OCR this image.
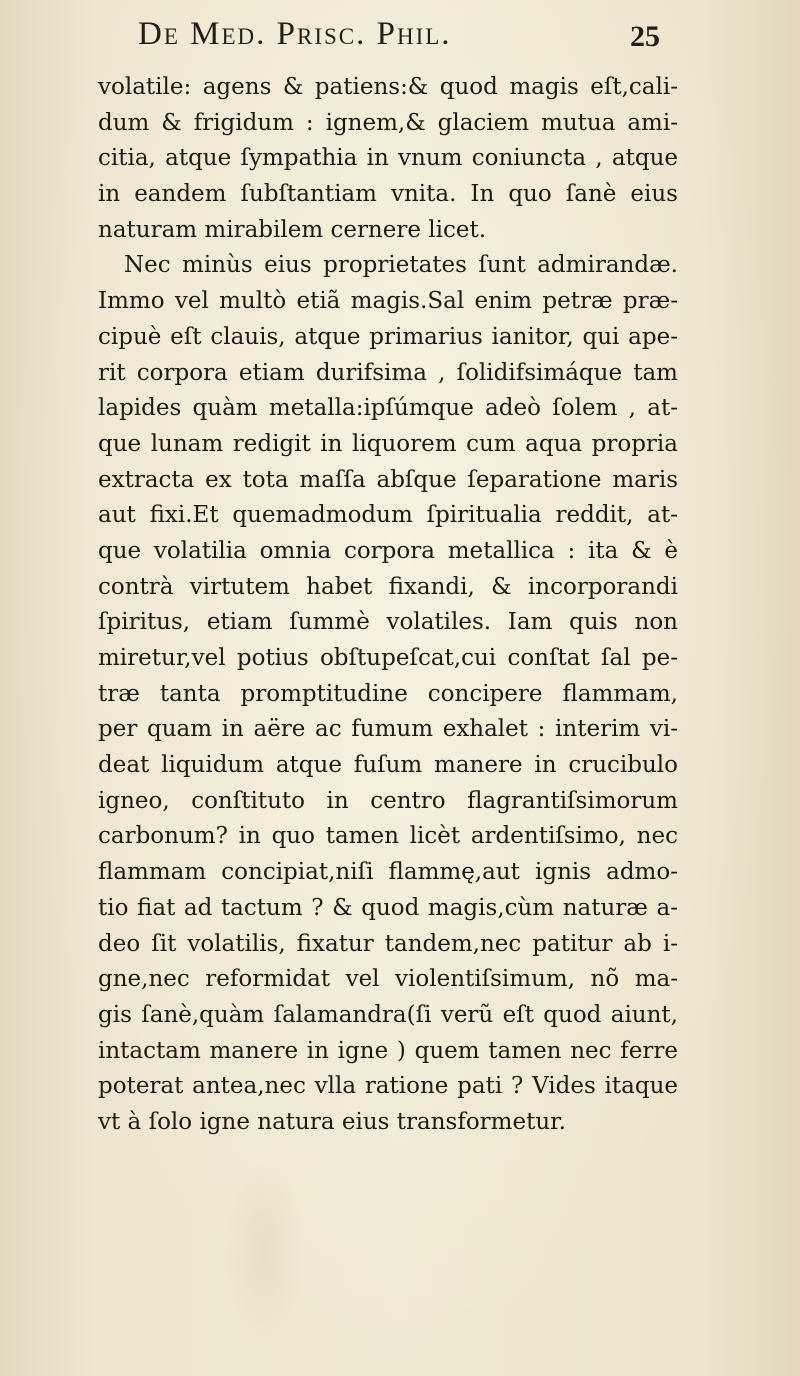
De Med. Prisc. Phil.	25
volatile: agens & patiens:& quod magis eſt,cali-
dum & frigidum : ignem,& glaciem mutua ami-
citia, atque ſympathia in vnum coniuncta , atque
in eandem ſubſtantiam vnita. In quo ſanè eius
naturam mirabilem cernere licet.
Nec minùs eius proprietates ſunt admirandæ.
Immo vel multò etiã magis.Sal enim petræ præ-
cipuè eſt clauis, atque primarius ianitor, qui ape-
rit corpora etiam durifsima , ſolidifsimáque tam
lapides quàm metalla:ipſúmque adeò ſolem , at-
que lunam redigit in liquorem cum aqua propria
extracta ex tota maſſa abſque ſeparatione maris
aut fixi.Et quemadmodum ſpiritualia reddit, at-
que volatilia omnia corpora metallica : ita & è
contrà virtutem habet fixandi, & incorporandi
ſpiritus, etiam ſummè volatiles. Iam quis non
miretur,vel potius obſtupeſcat,cui conſtat ſal pe-
træ tanta promptitudine concipere flammam,
per quam in aëre ac fumum exhalet : interim vi-
deat liquidum atque fuſum manere in crucibulo
igneo, conſtituto in centro flagrantiſsimorum
carbonum? in quo tamen licèt ardentiſsimo, nec
flammam concipiat,niſi flammę,aut ignis admo-
tio fiat ad tactum ? & quod magis,cùm naturæ a-
deo ſit volatilis, fixatur tandem,nec patitur ab i-
gne,nec reformidat vel violentiſsimum, nõ ma-
gis ſanè,quàm ſalamandra(ſi verũ eſt quod aiunt,
intactam manere in igne ) quem tamen nec ferre
poterat antea,nec vlla ratione pati ? Vides itaque
vt à ſolo igne natura eius transformetur.
